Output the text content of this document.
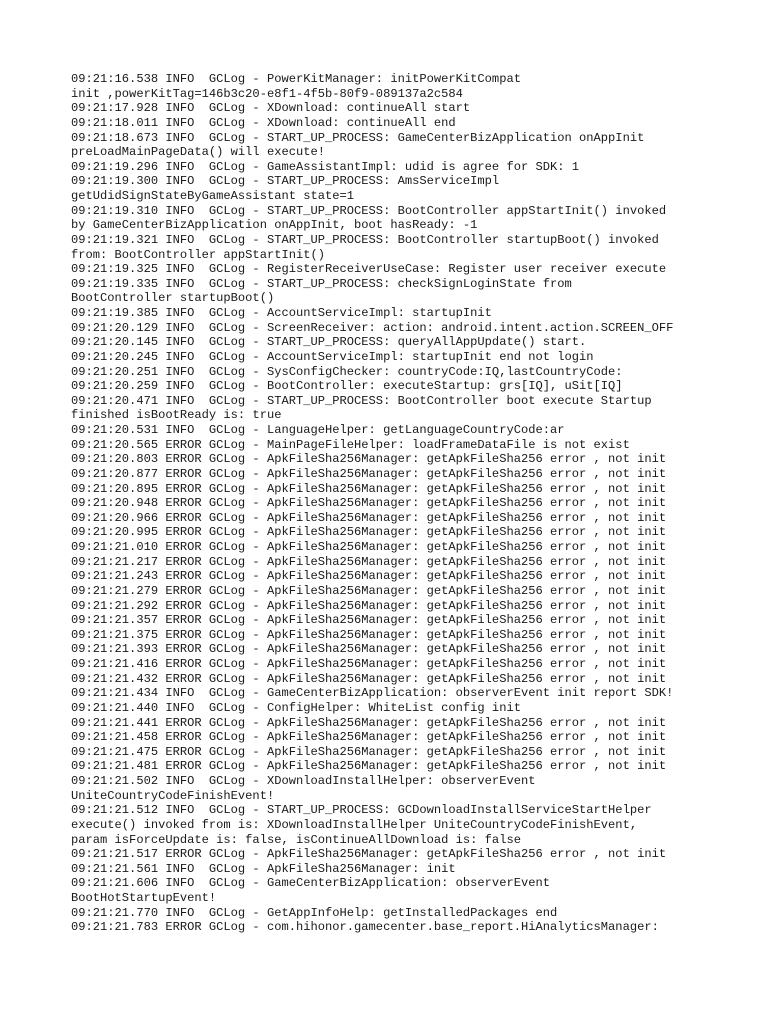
09:21:16.538 INFO  GCLog - PowerKitManager: initPowerKitCompat
init ,powerKitTag=146b3c20-e8f1-4f5b-80f9-089137a2c584
09:21:17.928 INFO  GCLog - XDownload: continueAll start
09:21:18.011 INFO  GCLog - XDownload: continueAll end
09:21:18.673 INFO  GCLog - START_UP_PROCESS: GameCenterBizApplication onAppInit
preLoadMainPageData() will execute!
09:21:19.296 INFO  GCLog - GameAssistantImpl: udid is agree for SDK: 1
09:21:19.300 INFO  GCLog - START_UP_PROCESS: AmsServiceImpl
getUdidSignStateByGameAssistant state=1
09:21:19.310 INFO  GCLog - START_UP_PROCESS: BootController appStartInit() invoked
by GameCenterBizApplication onAppInit, boot hasReady: -1
09:21:19.321 INFO  GCLog - START_UP_PROCESS: BootController startupBoot() invoked
from: BootController appStartInit()
09:21:19.325 INFO  GCLog - RegisterReceiverUseCase: Register user receiver execute
09:21:19.335 INFO  GCLog - START_UP_PROCESS: checkSignLoginState from
BootController startupBoot()
09:21:19.385 INFO  GCLog - AccountServiceImpl: startupInit
09:21:20.129 INFO  GCLog - ScreenReceiver: action: android.intent.action.SCREEN_OFF
09:21:20.145 INFO  GCLog - START_UP_PROCESS: queryAllAppUpdate() start.
09:21:20.245 INFO  GCLog - AccountServiceImpl: startupInit end not login
09:21:20.251 INFO  GCLog - SysConfigChecker: countryCode:IQ,lastCountryCode:
09:21:20.259 INFO  GCLog - BootController: executeStartup: grs[IQ], uSit[IQ]
09:21:20.471 INFO  GCLog - START_UP_PROCESS: BootController boot execute Startup
finished isBootReady is: true
09:21:20.531 INFO  GCLog - LanguageHelper: getLanguageCountryCode:ar
09:21:20.565 ERROR GCLog - MainPageFileHelper: loadFrameDataFile is not exist
09:21:20.803 ERROR GCLog - ApkFileSha256Manager: getApkFileSha256 error , not init
09:21:20.877 ERROR GCLog - ApkFileSha256Manager: getApkFileSha256 error , not init
09:21:20.895 ERROR GCLog - ApkFileSha256Manager: getApkFileSha256 error , not init
09:21:20.948 ERROR GCLog - ApkFileSha256Manager: getApkFileSha256 error , not init
09:21:20.966 ERROR GCLog - ApkFileSha256Manager: getApkFileSha256 error , not init
09:21:20.995 ERROR GCLog - ApkFileSha256Manager: getApkFileSha256 error , not init
09:21:21.010 ERROR GCLog - ApkFileSha256Manager: getApkFileSha256 error , not init
09:21:21.217 ERROR GCLog - ApkFileSha256Manager: getApkFileSha256 error , not init
09:21:21.243 ERROR GCLog - ApkFileSha256Manager: getApkFileSha256 error , not init
09:21:21.279 ERROR GCLog - ApkFileSha256Manager: getApkFileSha256 error , not init
09:21:21.292 ERROR GCLog - ApkFileSha256Manager: getApkFileSha256 error , not init
09:21:21.357 ERROR GCLog - ApkFileSha256Manager: getApkFileSha256 error , not init
09:21:21.375 ERROR GCLog - ApkFileSha256Manager: getApkFileSha256 error , not init
09:21:21.393 ERROR GCLog - ApkFileSha256Manager: getApkFileSha256 error , not init
09:21:21.416 ERROR GCLog - ApkFileSha256Manager: getApkFileSha256 error , not init
09:21:21.432 ERROR GCLog - ApkFileSha256Manager: getApkFileSha256 error , not init
09:21:21.434 INFO  GCLog - GameCenterBizApplication: observerEvent init report SDK!
09:21:21.440 INFO  GCLog - ConfigHelper: WhiteList config init
09:21:21.441 ERROR GCLog - ApkFileSha256Manager: getApkFileSha256 error , not init
09:21:21.458 ERROR GCLog - ApkFileSha256Manager: getApkFileSha256 error , not init
09:21:21.475 ERROR GCLog - ApkFileSha256Manager: getApkFileSha256 error , not init
09:21:21.481 ERROR GCLog - ApkFileSha256Manager: getApkFileSha256 error , not init
09:21:21.502 INFO  GCLog - XDownloadInstallHelper: observerEvent
UniteCountryCodeFinishEvent!
09:21:21.512 INFO  GCLog - START_UP_PROCESS: GCDownloadInstallServiceStartHelper
execute() invoked from is: XDownloadInstallHelper UniteCountryCodeFinishEvent,
param isForceUpdate is: false, isContinueAllDownload is: false
09:21:21.517 ERROR GCLog - ApkFileSha256Manager: getApkFileSha256 error , not init
09:21:21.561 INFO  GCLog - ApkFileSha256Manager: init
09:21:21.606 INFO  GCLog - GameCenterBizApplication: observerEvent
BootHotStartupEvent!
09:21:21.770 INFO  GCLog - GetAppInfoHelp: getInstalledPackages end
09:21:21.783 ERROR GCLog - com.hihonor.gamecenter.base_report.HiAnalyticsManager:
